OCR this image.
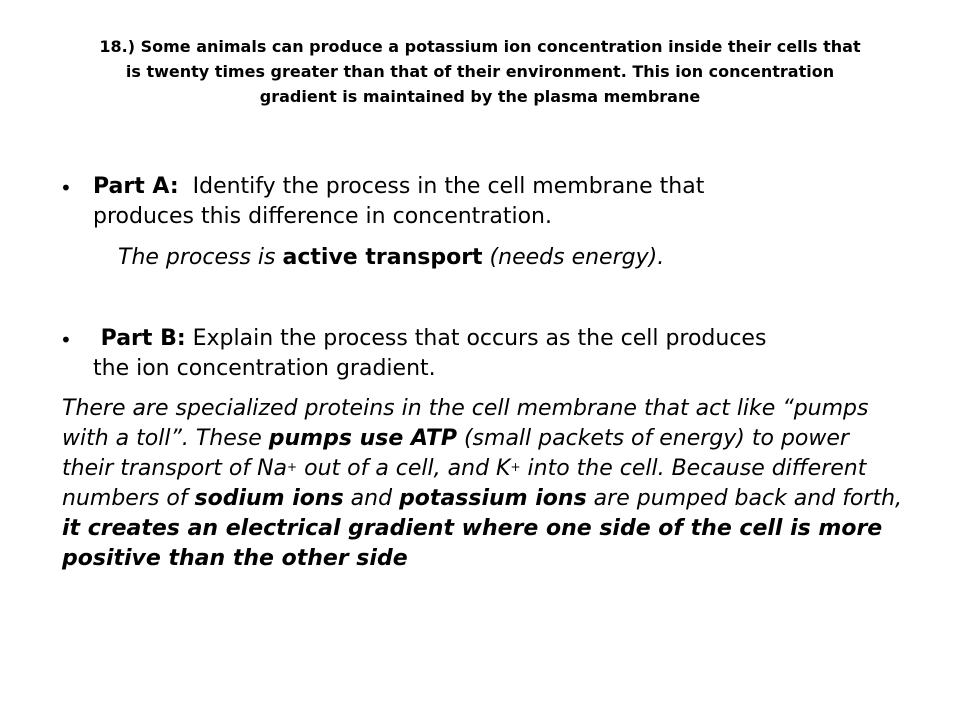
18.) Some animals can produce a potassium ion concentration inside their cells that
is twenty times greater than that of their environment. This ion concentration
gradient is maintained by the plasma membrane
• Part A:  Identify the process in the cell membrane that
produces this difference in concentration.
The process is active transport (needs energy).
• Part B: Explain the process that occurs as the cell produces
the ion concentration gradient.
There are specialized proteins in the cell membrane that act like “pumps with a toll”. These pumps use ATP (small packets of energy) to power their transport of Na+ out of a cell, and K+ into the cell. Because different numbers of sodium ions and potassium ions are pumped back and forth, it creates an electrical gradient where one side of the cell is more positive than the other side
